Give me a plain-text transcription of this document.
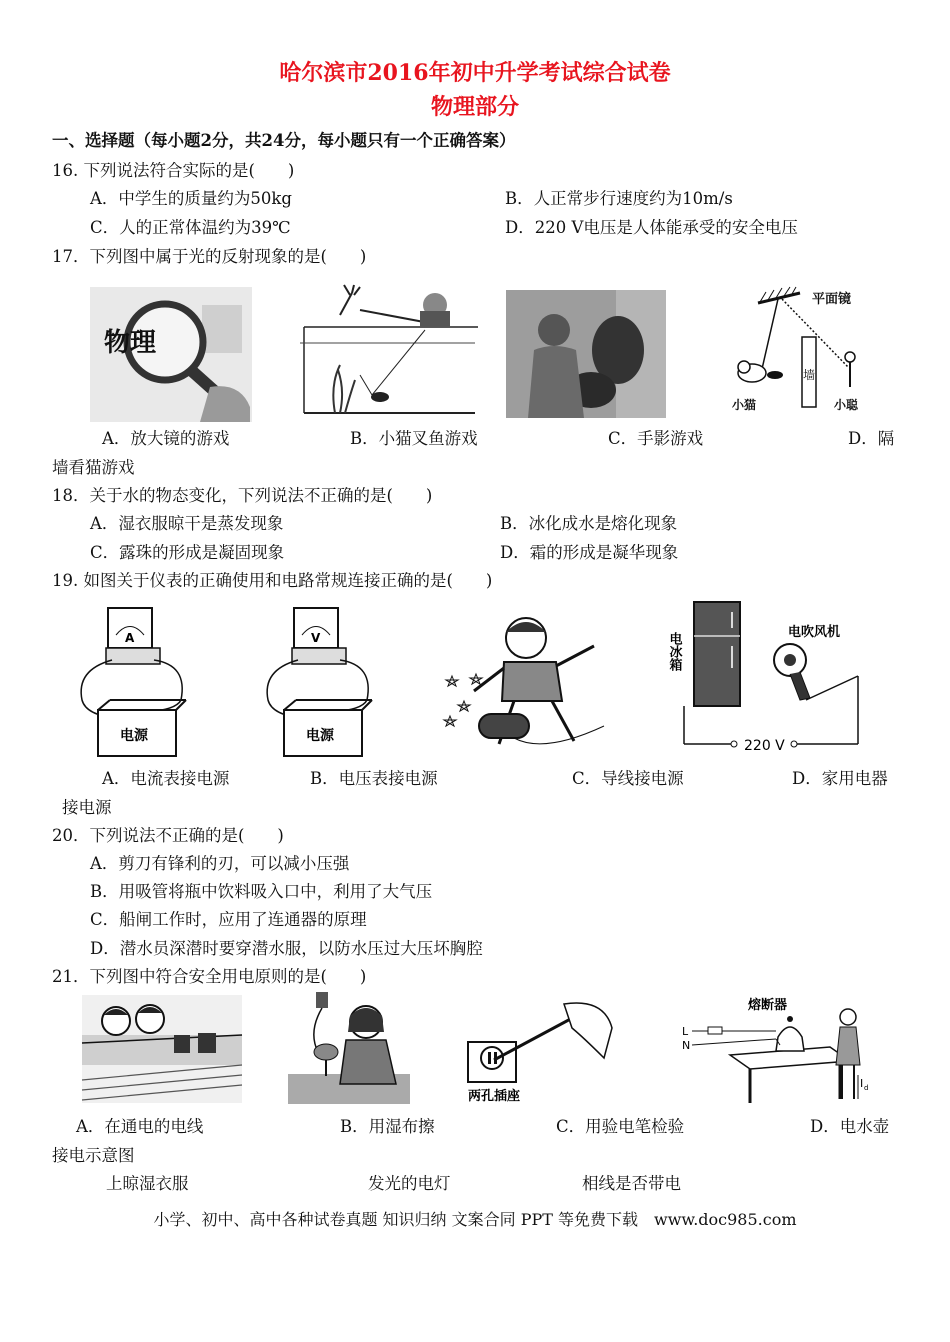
哈尔滨市2016年初中升学考试综合试卷
物理部分
一、选择题（每小题2分，共24分，每小题只有一个正确答案）
16. 下列说法符合实际的是(　　)
A．中学生的质量约为50kg	B．人正常步行速度约为10m/s
C．人的正常体温约为39℃	D．220 V电压是人体能承受的安全电压
17．下列图中属于光的反射现象的是(　　)
物理
平面镜
墙
小猫	小聪
A．放大镜的游戏	B．小猫叉鱼游戏	C．手影游戏	D．隔
墙看猫游戏
18．关于水的物态变化，下列说法不正确的是(　　)
A．湿衣服晾干是蒸发现象	B．冰化成水是熔化现象
C．露珠的形成是凝固现象	D．霜的形成是凝华现象
19. 如图关于仪表的正确使用和电路常规连接正确的是(　　)
A
电源
V
电源
电冰箱	电吹风机
220 V
A．电流表接电源	B．电压表接电源	C．导线接电源	D．家用电器
接电源
20．下列说法不正确的是(　　)
A．剪刀有锋利的刃，可以减小压强
B．用吸管将瓶中饮料吸入口中，利用了大气压
C．船闸工作时，应用了连通器的原理
D．潜水员深潜时要穿潜水服，以防水压过大压坏胸腔
21．下列图中符合安全用电原则的是(　　)
两孔插座
熔断器
L
N
I d
A．在通电的电线	B．用湿布擦	C．用验电笔检验	D．电水壶
接电示意图
上晾湿衣服	发光的电灯	相线是否带电
小学、初中、高中各种试卷真题 知识归纳 文案合同 PPT 等免费下载　www.doc985.com
